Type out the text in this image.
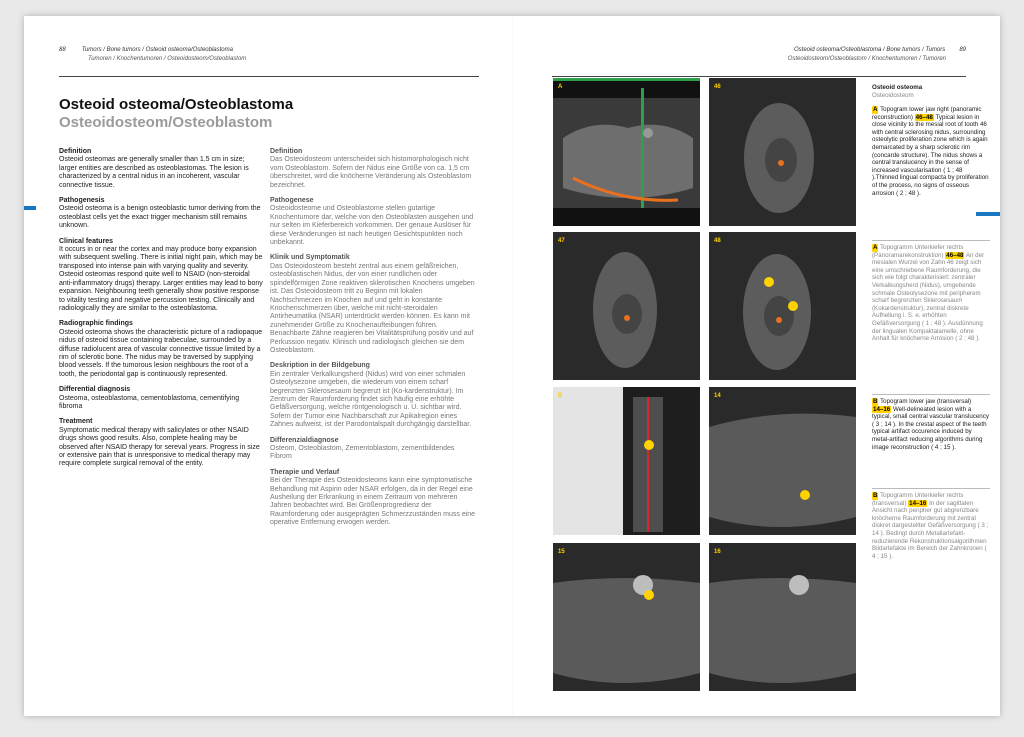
88	Tumors / Bone tumors / Osteoid osteoma/Osteoblastoma
Tumoren / Knochentumoren / Osteoidosteom/Osteoblastom
Osteoid osteoma/Osteoblastoma / Bone tumors / Tumors 89
Osteoidosteom/Osteoblastom / Knochentumoren / Tumoren
Osteoid osteoma/Osteoblastoma
Osteoidosteom/Osteoblastom
Definition
Osteoid osteomas are generally smaller than 1.5 cm in size; larger entities are described as osteoblastomas. The lesion is characterized by a central nidus in an incoherent, vascular connective tissue.
Pathogenesis
Osteoid osteoma is a benign osteoblastic tumor deriving from the osteoblast cells yet the exact trigger mechanism still remains unknown.
Clinical features
It occurs in or near the cortex and may produce bony expansion with subsequent swelling. There is initial night pain, which may be transposed into intense pain with varying quality and severity. Osteoid osteomas respond quite well to NSAID (non-steroidal anti-inflammatory drugs) therapy. Larger entities may lead to bony expansion. Neighbouring teeth generally show positive response to vitality testing and negative percussion testing. Clinically and radiologically they are similar to the osteoblastoma.
Radiographic findings
Osteoid osteoma shows the characteristic picture of a radiopaque nidus of osteoid tissue containing trabeculae, surrounded by a diffuse radiolucent area of vascular connective tissue limited by a rim of sclerotic bone. The nidus may be traversed by supplying blood vessels. If the tumorous lesion neighbours the root of a tooth, the periodontal gap is continuously represented.
Differential diagnosis
Osteoma, osteoblastoma, cementoblastoma, cementifying fibroma
Treatment
Symptomatic medical therapy with salicylates or other NSAID drugs shows good results. Also, complete healing may be observed after NSAID therapy for sereval years. Progress in size or extensive pain that is unresponsive to medical therapy may require complete surgical removal of the entity.
Definition
Das Osteoidosteom unterscheidet sich histomorphologisch nicht vom Osteoblastom. Sofern der Nidus eine Größe von ca. 1,5 cm überschreitet, wird die knöcherne Veränderung als Osteoblastom bezeichnet.
Pathogenese
Osteoidosteome und Osteoblastome stellen gutartige Knochentumore dar, welche von den Osteoblasten ausgehen und nur selten im Kieferbereich vorkommen. Der genaue Auslöser für diese Veränderungen ist nach heutigen Gesichtspunkten noch unbekannt.
Klinik und Symptomatik
Das Osteoidosteom besteht zentral aus einem gefäßreichen, osteoblastischen Nidus, der von einer rundlichen oder spindelförmigen Zone reaktiven sklerotischen Knochens umgeben ist. Das Osteoidosteom tritt zu Beginn mit lokalen Nachtschmerzen im Knochen auf und geht in konstante Knochenschmerzen über, welche mit nicht-steroidalen Antirheumatika (NSAR) unterdrückt werden können. Es kann mit zunehmender Größe zu Knochenaufteibungen führen. Benachbarte Zähne reagieren bei Vitalitätsprüfung positiv und auf Perkussion negativ. Klinisch und radiologisch gleichen sie dem Osteoblastom.
Deskription in der Bildgebung
Ein zentraler Verkalkungsherd (Nidus) wird von einer schmalen Osteolysezone umgeben, die wiederum von einem scharf begrenzten Sklerosesaum begrenzt ist (Ko-kardenstruktur). Im Zentrum der Raumforderung findet sich häufig eine erhöhte Gefäßversorgung, welche röntgenologisch u. U. sichtbar wird. Sofern der Tumor eine Nachbarschaft zur Apikalregion eines Zahnes aufweist, ist der Parodontalspalt durchgängig darstellbar.
Differenzialdiagnose
Osteom, Osteoblastom, Zementoblastom, zementbildendes Fibrom
Therapie und Verlauf
Bei der Therapie des Osteoidosteoms kann eine symptomatische Behandlung mit Aspirin oder NSAR erfolgen, da in der Regel eine Ausheilung der Erkrankung in einem Zeitraum von mehreren Jahren beobachtet wird. Bei Größenprogredienz der Raumforderung oder ausgeprägten Schmerzzuständen muss eine operative Entfernung erwogen werden.
A	46
47	48
B	14
15	16
Osteoid osteoma
Osteoidosteom
A Topogram lower jaw right (panoramic reconstruction) 46–48 Typical lesion in close vicinity to the mesial root of tooth 46 with central sclerosing nidus, surrounding osteolytic proliferation zone which is again demarcated by a sharp sclerotic rim (concarde structure). The nidus shows a central translucency in the sense of increased vascularisation ( 1 ; 48 ).Thinned lingual compacta by proliferation of the process, no signs of osseous arrosion ( 2 ; 48 ).
A Topogramm Unterkiefer rechts (Panoramarekonstruktion) 46–48 An der mesialen Wurzel von Zahn 46 zeigt sich eine umschriebene Raumforderung, die sich wie folgt charakterisiert: zentraler Verkalkungsherd (Nidus), umgebende schmale Osteolysezone mit peripherem scharf begrenzten Sklerosesaum (Kokardenstruktur), zentral diskrete Aufhellung i. S. e. erhöhten Gefäßversorgung ( 1 ; 48 ). Ausdünnung der lingualen Kompaktalamelle, ohne Anhalt für knöcherne Arrosion ( 2 ; 48 ).
B Topogram lower jaw (transversal) 14–16 Well-delineated lesion with a typical, small central vascular translucency ( 3 ; 14 ). In the crestal aspect of the teeth typical artifact occurence induced by metal-artifact reducing algorithms during image reconstruction ( 4 ; 15 ).
B Topogramm Unterkiefer rechts (transversal) 14–16 In der sagittalen Ansicht nach peripher gut abgrenzbare knöcherne Raumforderung mit zentral diskret dargestellter Gefäßversorgung ( 3 ; 14 ). Bedingt durch Metallartefakt-reduzierende Rekonstruktionsalgorithmen Bildartefakte im Bereich der Zahnkronen ( 4 ; 15 ).
